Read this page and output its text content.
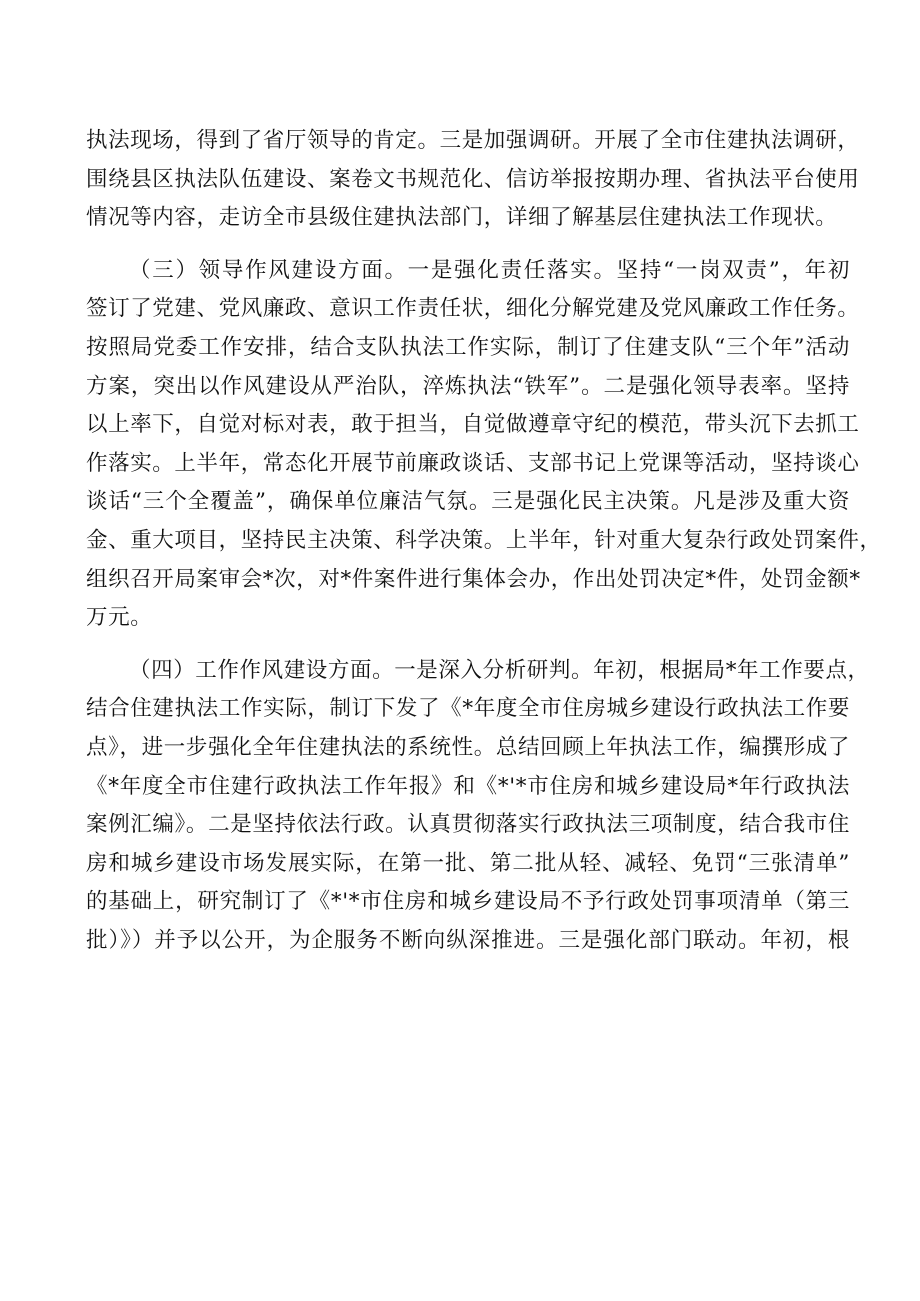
执法现场，得到了省厅领导的肯定。三是加强调研。开展了全市住建执法调研，
围绕县区执法队伍建设、案卷文书规范化、信访举报按期办理、省执法平台使用
情况等内容，走访全市县级住建执法部门，详细了解基层住建执法工作现状。
（三）领导作风建设方面。一是强化责任落实。坚持“一岗双责”，年初
签订了党建、党风廉政、意识工作责任状，细化分解党建及党风廉政工作任务。
按照局党委工作安排，结合支队执法工作实际，制订了住建支队“三个年”活动
方案，突出以作风建设从严治队，淬炼执法“铁军”。二是强化领导表率。坚持
以上率下，自觉对标对表，敢于担当，自觉做遵章守纪的模范，带头沉下去抓工
作落实。上半年，常态化开展节前廉政谈话、支部书记上党课等活动，坚持谈心
谈话“三个全覆盖”，确保单位廉洁气氛。三是强化民主决策。凡是涉及重大资
金、重大项目，坚持民主决策、科学决策。上半年，针对重大复杂行政处罚案件，
组织召开局案审会*次，对*件案件进行集体会办，作出处罚决定*件，处罚金额*
万元。
（四）工作作风建设方面。一是深入分析研判。年初，根据局*年工作要点，
结合住建执法工作实际，制订下发了《*年度全市住房城乡建设行政执法工作要
点》，进一步强化全年住建执法的系统性。总结回顾上年执法工作，编撰形成了
《*年度全市住建行政执法工作年报》和《*'*市住房和城乡建设局*年行政执法
案例汇编》。二是坚持依法行政。认真贯彻落实行政执法三项制度，结合我市住
房和城乡建设市场发展实际，在第一批、第二批从轻、减轻、免罚“三张清单”
的基础上，研究制订了《*'*市住房和城乡建设局不予行政处罚事项清单（第三
批）》）并予以公开，为企服务不断向纵深推进。三是强化部门联动。年初，根
